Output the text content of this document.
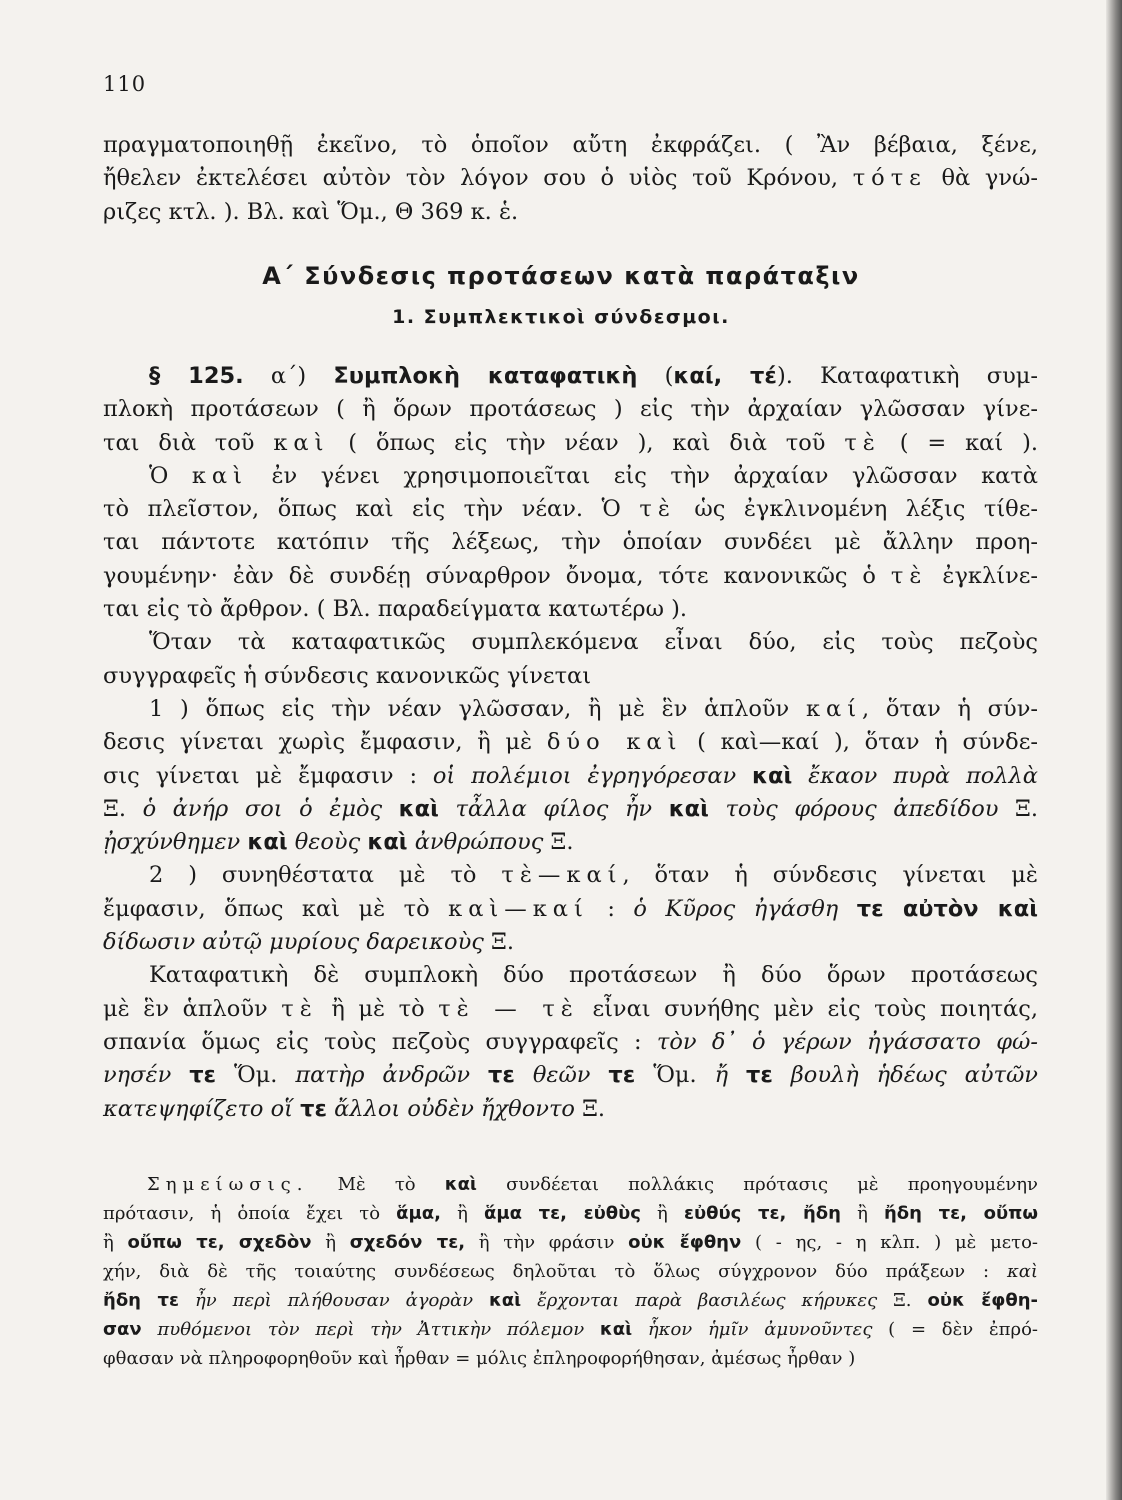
110
πραγματοποιηθῇ ἐκεῖνο, τὸ ὁποῖον αὔτη ἐκφράζει. ( Ἂν βέβαια, ξένε,
ἤθελεν ἐκτελέσει αὐτὸν τὸν λόγον σου ὁ υἱὸς τοῦ Κρόνου, τότε θὰ γνώ-
ριζες κτλ. ). Βλ. καὶ Ὅμ., Θ 369 κ. ἑ.
Α΄ Σύνδεσις προτάσεων κατὰ παράταξιν
1. Συμπλεκτικοὶ σύνδεσμοι.
§ 125. α΄) Συμπλοκὴ καταφατικὴ (καί, τέ). Καταφατικὴ συμ-
πλοκὴ προτάσεων ( ἢ ὅρων προτάσεως ) εἰς τὴν ἀρχαίαν γλῶσσαν γίνε-
ται διὰ τοῦ καὶ ( ὅπως εἰς τὴν νέαν ), καὶ διὰ τοῦ τὲ ( = καί ).
Ὁ καὶ ἐν γένει χρησιμοποιεῖται εἰς τὴν ἀρχαίαν γλῶσσαν κατὰ
τὸ πλεῖστον, ὅπως καὶ εἰς τὴν νέαν. Ὁ τὲ ὡς ἐγκλινομένη λέξις τίθε-
ται πάντοτε κατόπιν τῆς λέξεως, τὴν ὁποίαν συνδέει μὲ ἄλλην προη-
γουμένην· ἐὰν δὲ συνδέῃ σύναρθρον ὄνομα, τότε κανονικῶς ὁ τὲ ἐγκλίνε-
ται εἰς τὸ ἄρθρον. ( Βλ. παραδείγματα κατωτέρω ).
Ὅταν τὰ καταφατικῶς συμπλεκόμενα εἶναι δύο, εἰς τοὺς πεζοὺς
συγγραφεῖς ἡ σύνδεσις κανονικῶς γίνεται
1 ) ὅπως εἰς τὴν νέαν γλῶσσαν, ἢ μὲ ἓν ἁπλοῦν καί, ὅταν ἡ σύν-
δεσις γίνεται χωρὶς ἔμφασιν, ἢ μὲ δύο καὶ ( καὶ—καί ), ὅταν ἡ σύνδε-
σις γίνεται μὲ ἔμφασιν : οἱ πολέμιοι ἐγρηγόρεσαν καὶ ἔκαον πυρὰ πολλὰ
Ξ. ὁ ἀνήρ σοι ὁ ἐμὸς καὶ τἆλλα φίλος ἦν καὶ τοὺς φόρους ἀπεδίδου Ξ.
ᾐσχύνθημεν καὶ θεοὺς καὶ ἀνθρώπους Ξ.
2 ) συνηθέστατα μὲ τὸ τὲ—καί, ὅταν ἡ σύνδεσις γίνεται μὲ
ἔμφασιν, ὅπως καὶ μὲ τὸ καὶ—καί : ὁ Κῦρος ἠγάσθη τε αὐτὸν καὶ
δίδωσιν αὐτῷ μυρίους δαρεικοὺς Ξ.
Καταφατικὴ δὲ συμπλοκὴ δύο προτάσεων ἢ δύο ὅρων προτάσεως
μὲ ἓν ἁπλοῦν τὲ ἢ μὲ τὸ τὲ — τὲ εἶναι συνήθης μὲν εἰς τοὺς ποιητάς,
σπανία ὅμως εἰς τοὺς πεζοὺς συγγραφεῖς : τὸν δ᾽ ὁ γέρων ἠγάσσατο φώ-
νησέν τε Ὅμ. πατὴρ ἀνδρῶν τε θεῶν τε Ὅμ. ἤ τε βουλὴ ἡδέως αὐτῶν
κατεψηφίζετο οἵ τε ἄλλοι οὐδὲν ἤχθοντο Ξ.
Σημείωσις. Μὲ τὸ καὶ συνδέεται πολλάκις πρότασις μὲ προηγουμένην
πρότασιν, ἡ ὁποία ἔχει τὸ ἅμα, ἢ ἅμα τε, εὐθὺς ἢ εὐθύς τε, ἤδη ἢ ἤδη τε, οὔπω
ἢ οὔπω τε, σχεδὸν ἢ σχεδόν τε, ἢ τὴν φράσιν οὐκ ἔφθην ( - ης, - η κλπ. ) μὲ μετο-
χήν, διὰ δὲ τῆς τοιαύτης συνδέσεως δηλοῦται τὸ ὅλως σύγχρονον δύο πράξεων : καὶ
ἤδη τε ἦν περὶ πλήθουσαν ἀγορὰν καὶ ἔρχονται παρὰ βασιλέως κήρυκες Ξ. οὐκ ἔφθη-
σαν πυθόμενοι τὸν περὶ τὴν Ἀττικὴν πόλεμον καὶ ἧκον ἡμῖν ἀμυνοῦντες ( = δὲν ἐπρό-
φθασαν νὰ πληροφορηθοῦν καὶ ἦρθαν = μόλις ἐπληροφορήθησαν, ἀμέσως ἦρθαν )
